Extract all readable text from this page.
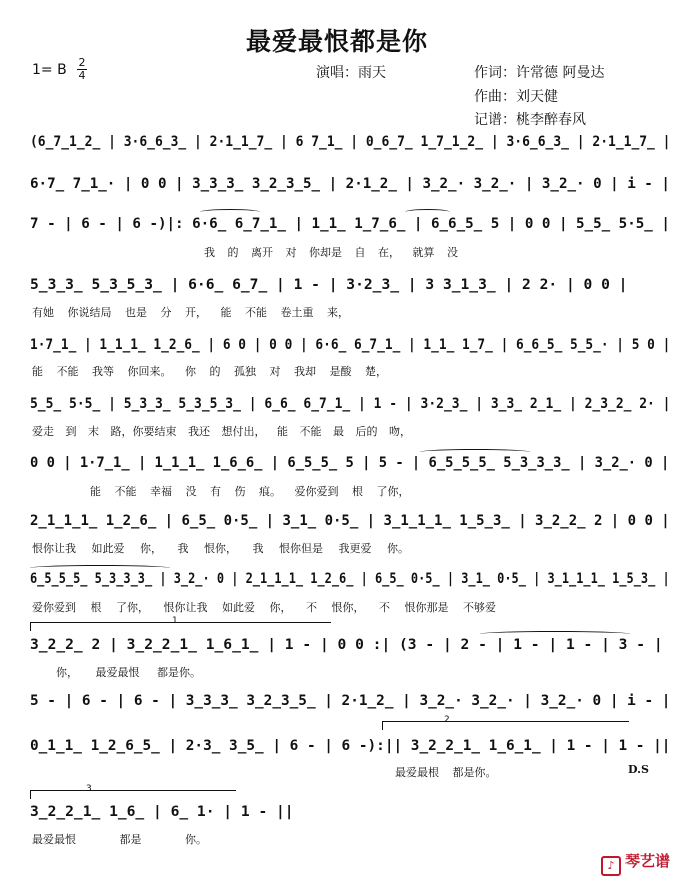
最爱最恨都是你
1= B 2
4	演唱：雨天	作词：许常德 阿曼达
作曲：刘天健
记谱：桃李醉春风
(6̲7̲1̲2̲ | 3·6̲6̲3̲ | 2·1̲1̲7̲ | 6 7̲1̲ | 0̲6̲7̲ 1̲7̲1̲2̲ | 3·6̲6̲3̲ | 2·1̲1̲7̲ |
6·7̲ 7̲1̲· | 0 0 | 3̲3̲3̲ 3̲2̲3̲5̲ | 2·1̲2̲ | 3̲2̲· 3̲2̲· | 3̲2̲· 0 | i - |
7 - | 6 - | 6 -)|: 6·6̲ 6̲7̲1̲ | 1̲1̲ 1̲7̲6̲ | 6̲6̲5̲ 5 | 0 0 | 5̲5̲ 5·5̲ |
我 的 离开 对 你却是 自 在， 就算 没
5̲3̲3̲ 5̲3̲5̲3̲ | 6·6̲ 6̲7̲ | 1 - | 3·2̲3̲ | 3 3̲1̲3̲ | 2 2· | 0 0 |
有她 你说结局 也是 分 开， 能 不能 卷土重 来，
1·7̲1̲ | 1̲1̲1̲ 1̲2̲6̲ | 6 0 | 0 0 | 6·6̲ 6̲7̲1̲ | 1̲1̲ 1̲7̲ | 6̲6̲5̲ 5̲5̲· | 5 0 |
能 不能 我等 你回来。 你 的 孤独 对 我却 是酸 楚，
5̲5̲ 5·5̲ | 5̲3̲3̲ 5̲3̲5̲3̲ | 6̲6̲ 6̲7̲1̲ | 1 - | 3·2̲3̲ | 3̲3̲ 2̲1̲ | 2̲3̲2̲ 2· |
爱走 到 末 路，你要结束 我还 想付出， 能 不能 最 后的 吻，
0 0 | 1·7̲1̲ | 1̲1̲1̲ 1̲6̲6̲ | 6̲5̲5̲ 5 | 5 - | 6̲5̲5̲5̲ 5̲3̲3̲3̲ | 3̲2̲· 0 |
能 不能 幸福 没 有 伤 痕。 爱你爱到 根 了你，
2̲1̲1̲1̲ 1̲2̲6̲ | 6̲5̲ 0·5̲ | 3̲1̲ 0·5̲ | 3̲1̲1̲1̲ 1̲5̲3̲ | 3̲2̲2̲ 2 | 0 0 |
恨你让我 如此爱 你， 我 恨你， 我 恨你但是 我更爱 你。
6̲5̲5̲5̲ 5̲3̲3̲3̲ | 3̲2̲· 0 | 2̲1̲1̲1̲ 1̲2̲6̲ | 6̲5̲ 0·5̲ | 3̲1̲ 0·5̲ | 3̲1̲1̲1̲ 1̲5̲3̲ |
爱你爱到 根 了你， 恨你让我 如此爱 你， 不 恨你， 不 恨你那是 不够爱
1
3̲2̲2̲ 2 | 3̲2̲2̲1̲ 1̲6̲1̲ | 1 - | 0 0 :| (3 - | 2 - | 1 - | 1 - | 3 - |
你， 最爱最恨 都是你。
5 - | 6 - | 6 - | 3̲3̲3̲ 3̲2̲3̲5̲ | 2·1̲2̲ | 3̲2̲· 3̲2̲· | 3̲2̲· 0 | i - |
2
0̲1̲1̲ 1̲2̲6̲5̲ | 2·3̲ 3̲5̲ | 6 - | 6 -):|| 3̲2̲2̲1̲ 1̲6̲1̲ | 1 - | 1 - ||
最爱最根 都是你。	D.S
3
3̲2̲2̲1̲ 1̲6̲ | 6̲ 1· | 1 - ||
最爱最恨 都是 你。
♪ 琴艺谱
